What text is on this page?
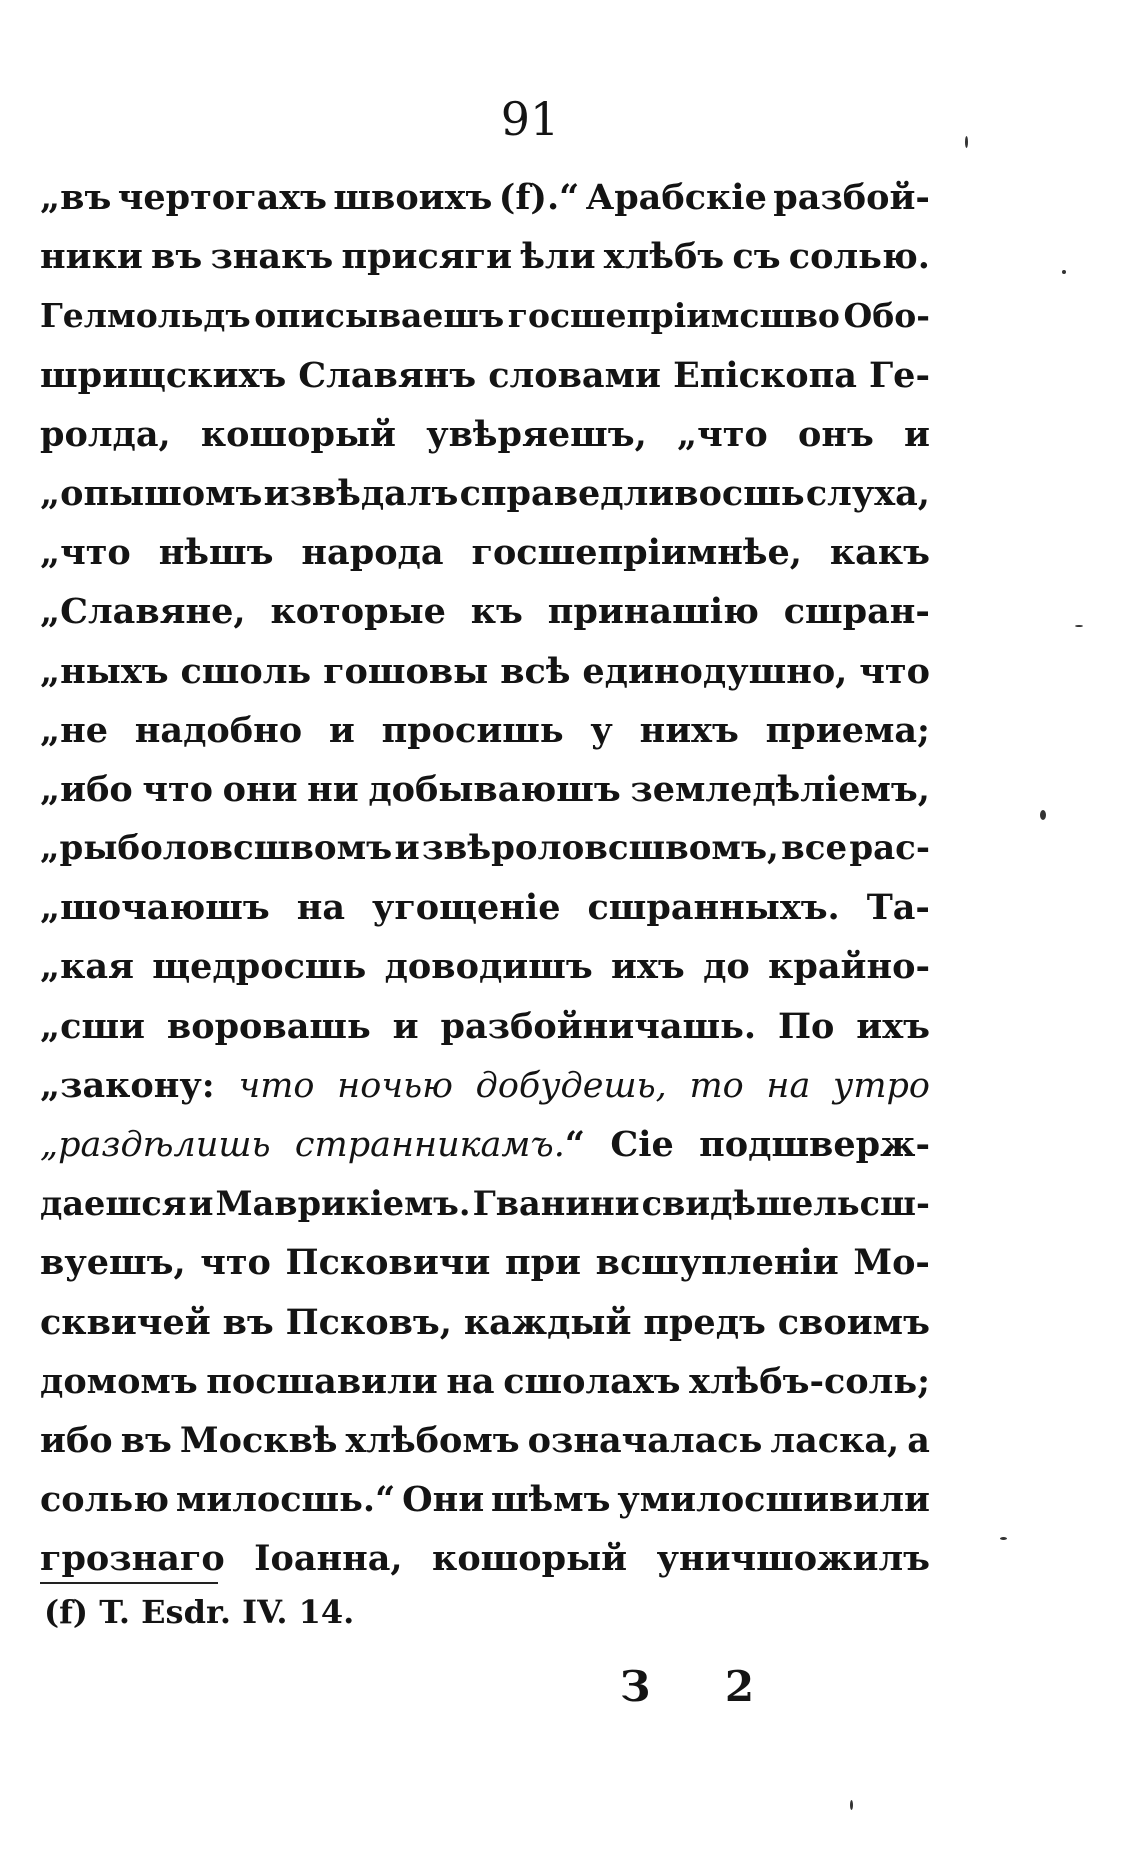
91
„въ чертогахъ швоихъ (f).“ Арабскіе разбой-
ники въ знакъ присяги ѣли хлѣбъ съ солью.
Гелмольдъ описываешъ госшепріимсшво Обо-
шрищскихъ Славянъ словами Епіскопа Ге-
ролда, кошорый увѣряешъ, „что онъ и
„опышомъ извѣдалъ справедливосшь слуха,
„что нѣшъ народа госшепріимнѣе, какъ
„Славяне, которые къ принашію сшран-
„ныхъ сшоль гошовы всѣ единодушно, что
„не надобно и просишь у нихъ приема;
„ибо что они ни добываюшъ земледѣліемъ,
„рыболовсшвомъ и звѣроловсшвомъ, все рас-
„шочаюшъ на угощеніе сшранныхъ. Та-
„кая щедросшь доводишъ ихъ до крайно-
„сши воровашь и разбойничашь. По ихъ
„закону: что ночью добудешь, то на утро
„раздѣлишь странникамъ.“ Сіе подшверж-
даешся и Маврикіемъ. Гванини свидѣшельсш-
вуешъ, что Псковичи при всшупленіи Мо-
сквичей въ Псковъ, каждый предъ своимъ
домомъ посшавили на сшолахъ хлѣбъ-соль;
ибо въ Москвѣ хлѣбомъ означалась ласка, а
солью милосшь.“ Они шѣмъ умилосшивили
грознаго Іоанна, кошорый уничшожилъ
(f) T. Esdr. IV. 14.
З 2
